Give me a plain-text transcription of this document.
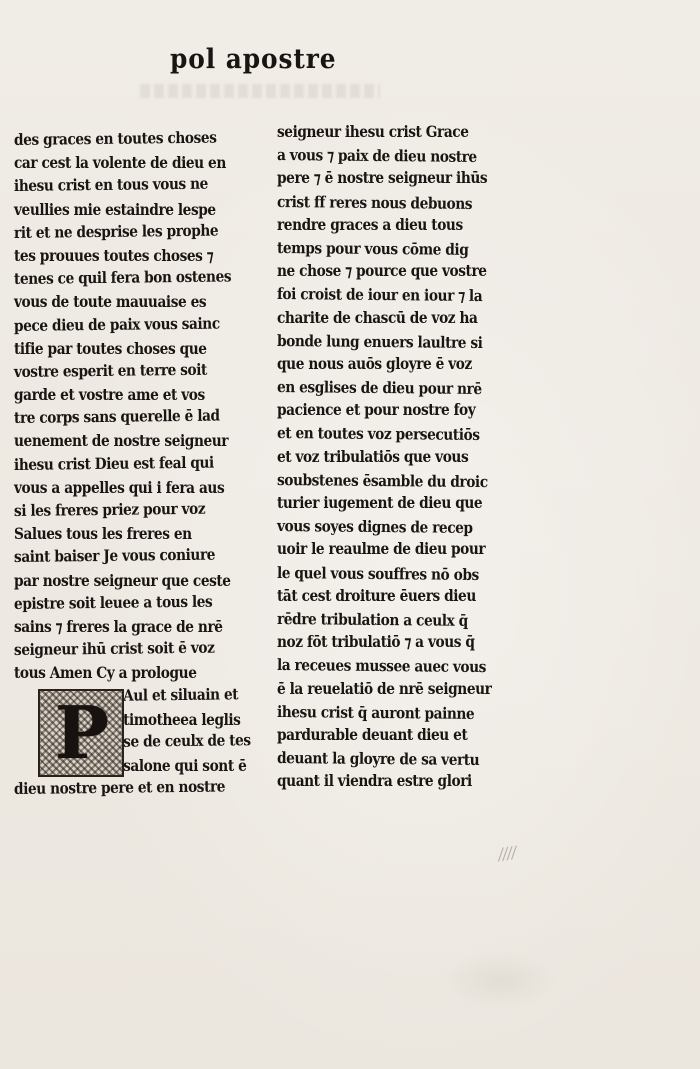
////
pol apostre
P
des graces en toutes choses
car cest la volente de dieu en
ihesu crist en tous vous ne
veullies mie estaindre lespe
rit et ne desprise les prophe
tes prouues toutes choses ⁊
tenes ce quil fera bon ostenes
vous de toute mauuaise es
pece dieu de paix vous sainc
tifie par toutes choses que
vostre esperit en terre soit
garde et vostre ame et vos
tre corps sans querelle ē lad
uenement de nostre seigneur
ihesu crist Dieu est feal qui
vous a appelles qui i fera aus
si les freres priez pour voz
Salues tous les freres en
saint baiser Je vous coniure
par nostre seigneur que ceste
epistre soit leuee a tous les
sains ⁊ freres la grace de nrē
seigneur ihū crist soit ē voz
tous Amen Cy a prologue
Aul et siluain et
timotheea leglis
se de ceulx de tes
salone qui sont ē
dieu nostre pere et en nostre
seigneur ihesu crist Grace
a vous ⁊ paix de dieu nostre
pere ⁊ ē nostre seigneur ihūs
crist ff reres nous debuons
rendre graces a dieu tous
temps pour vous cōme dig
ne chose ⁊ pource que vostre
foi croist de iour en iour ⁊ la
charite de chascū de voz ha
bonde lung enuers laultre si
que nous auōs gloyre ē voz
en esglises de dieu pour nrē
pacience et pour nostre foy
et en toutes voz persecutiōs
et voz tribulatiōs que vous
soubstenes ēsamble du droic
turier iugement de dieu que
vous soyes dignes de recep
uoir le reaulme de dieu pour
le quel vous souffres nō obs
tāt cest droiture ēuers dieu
rēdre tribulation a ceulx q̄
noz fōt tribulatiō ⁊ a vous q̄
la receues mussee auec vous
ē la reuelatiō de nrē seigneur
ihesu crist q̄ auront painne
pardurable deuant dieu et
deuant la gloyre de sa vertu
quant il viendra estre glori
